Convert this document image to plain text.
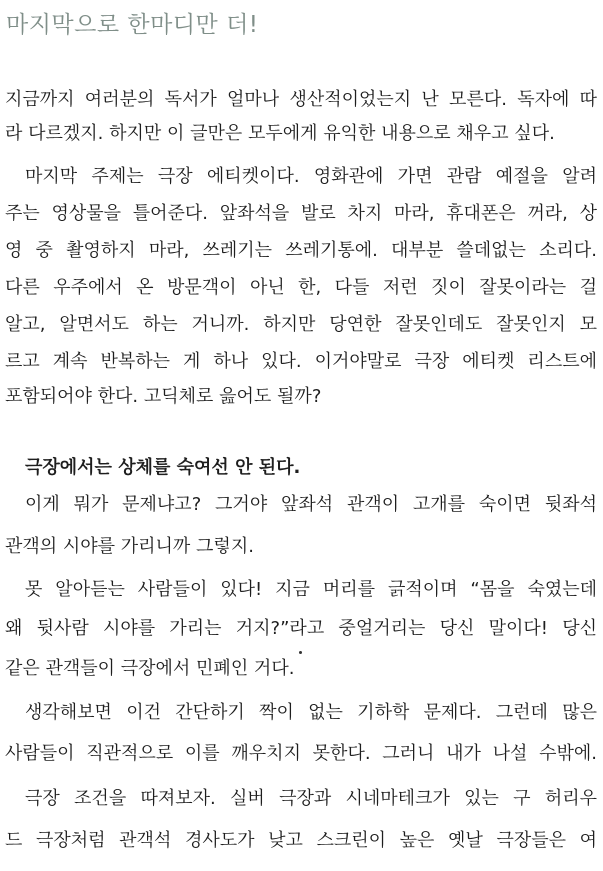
마지막으로 한마디만 더!
지금까지 여러분의 독서가 얼마나 생산적이었는지 난 모른다. 독자에 따
라 다르겠지. 하지만 이 글만은 모두에게 유익한 내용으로 채우고 싶다.
마지막 주제는 극장 에티켓이다. 영화관에 가면 관람 예절을 알려
주는 영상물을 틀어준다. 앞좌석을 발로 차지 마라, 휴대폰은 꺼라, 상
영 중 촬영하지 마라, 쓰레기는 쓰레기통에. 대부분 쓸데없는 소리다.
다른 우주에서 온 방문객이 아닌 한, 다들 저런 짓이 잘못이라는 걸
알고, 알면서도 하는 거니까. 하지만 당연한 잘못인데도 잘못인지 모
르고 계속 반복하는 게 하나 있다. 이거야말로 극장 에티켓 리스트에
포함되어야 한다. 고딕체로 읊어도 될까?
극장에서는 상체를 숙여선 안 된다.
이게 뭐가 문제냐고? 그거야 앞좌석 관객이 고개를 숙이면 뒷좌석
관객의 시야를 가리니까 그렇지.
못 알아듣는 사람들이 있다! 지금 머리를 긁적이며 “몸을 숙였는데
왜 뒷사람 시야를 가리는 거지?”라고 중얼거리는 당신 말이다! 당신
같은 관객들이 극장에서 민폐인 거다.
생각해보면 이건 간단하기 짝이 없는 기하학 문제다. 그런데 많은
사람들이 직관적으로 이를 깨우치지 못한다. 그러니 내가 나설 수밖에.
극장 조건을 따져보자. 실버 극장과 시네마테크가 있는 구 허리우
드 극장처럼 관객석 경사도가 낮고 스크린이 높은 옛날 극장들은 여
